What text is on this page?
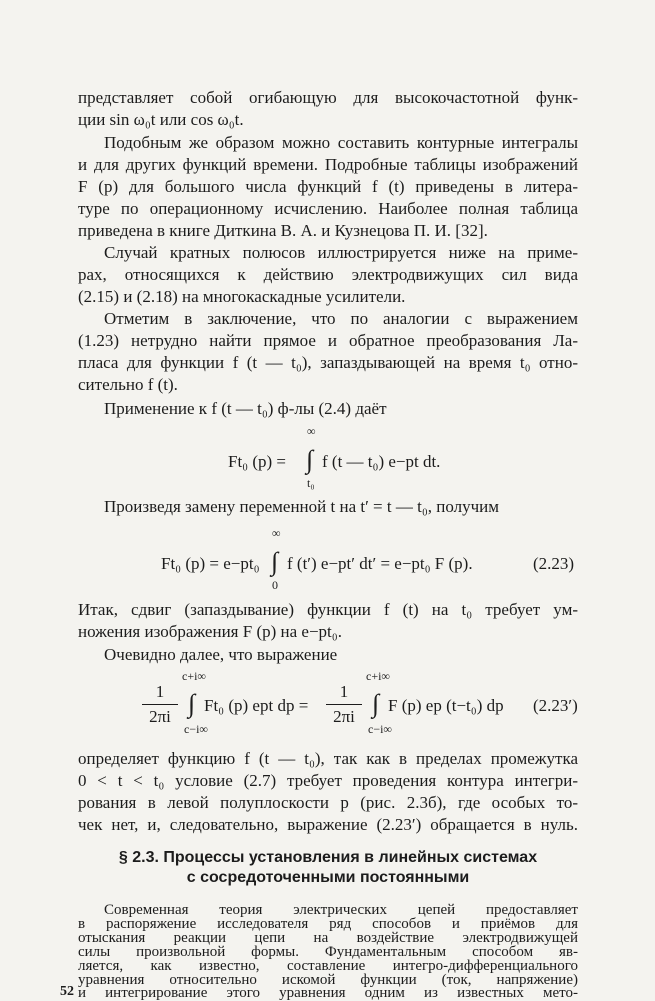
представляет собой огибающую для высокочастотной функ-

ции sin ω₀t или cos ω₀t.

Подобным же образом можно составить контурные интегралы

и для других функций времени. Подробные таблицы изображений

F (p) для большого числа функций f (t) приведены в литера-

туре по операционному исчислению. Наиболее полная таблица

приведена в книге Диткина В. А. и Кузнецова П. И. [32].

Случай кратных полюсов иллюстрируется ниже на приме-

рах, относящихся к действию электродвижущих сил вида

(2.15) и (2.18) на многокаскадные усилители.

Отметим в заключение, что по аналогии с выражением

(1.23) нетрудно найти прямое и обратное преобразования Ла-

пласа для функции f (t — t₀), запаздывающей на время t₀ отно-

сительно f (t).

Применение к f (t — t₀) ф-лы (2.4) даёт

Ft₀ (p) =

∞

∫

t₀

f (t — t₀) e−pt dt.

Произведя замену переменной t на t′ = t — t₀, получим

Ft₀ (p) = e−pt₀

∞

∫

0

f (t′) e−pt′ dt′ = e−pt₀ F (p).	(2.23)

Итак, сдвиг (запаздывание) функции f (t) на t₀ требует ум-

ножения изображения F (p) на e−pt₀.

Очевидно далее, что выражение

1
2πi

c+i∞

∫

c−i∞

Ft₀ (p) ept dp =

1
2πi

c+i∞

∫

c−i∞

F (p) ep (t−t₀) dp (2.23′)

определяет функцию f (t — t₀), так как в пределах промежутка

0 < t < t₀ условие (2.7) требует проведения контура интегри-

рования в левой полуплоскости p (рис. 2.3б), где особых то-

чек нет, и, следовательно, выражение (2.23′) обращается в нуль.

§ 2.3. Процессы установления в линейных системах

с сосредоточенными постоянными

Современная теория электрических цепей предоставляет

в распоряжение исследователя ряд способов и приёмов для

отыскания реакции цепи на воздействие электродвижущей

силы произвольной формы. Фундаментальным способом яв-

ляется, как известно, составление интегро-дифференциального

уравнения относительно искомой функции (ток, напряжение)

и интегрирование этого уравнения одним из известных мето-

52
